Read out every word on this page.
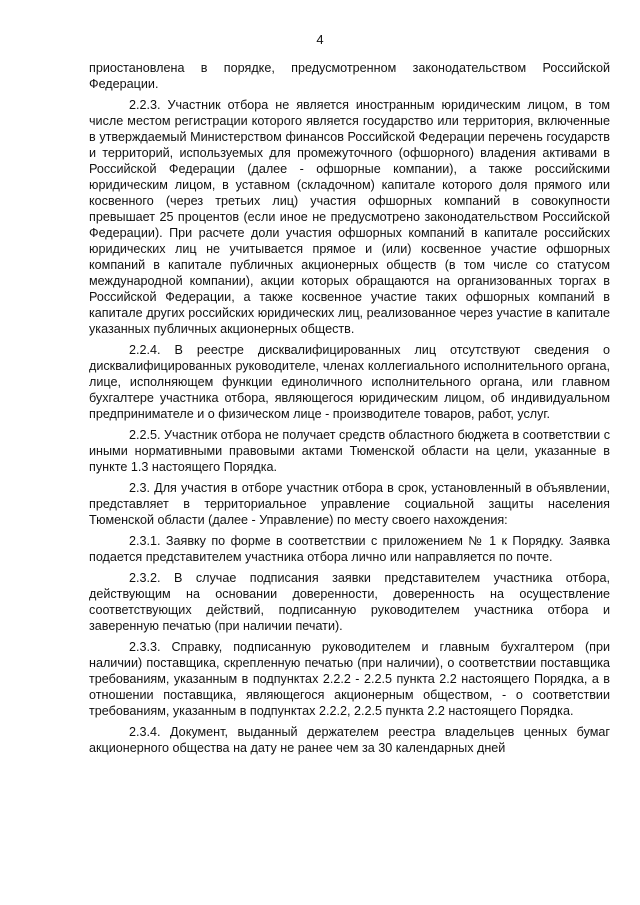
4

приостановлена в порядке, предусмотренном законодательством Российской Федерации.

2.2.3. Участник отбора не является иностранным юридическим лицом, в том числе местом регистрации которого является государство или территория, включенные в утверждаемый Министерством финансов Российской Федерации перечень государств и территорий, используемых для промежуточного (офшорного) владения активами в Российской Федерации (далее - офшорные компании), а также российскими юридическим лицом, в уставном (складочном) капитале которого доля прямого или косвенного (через третьих лиц) участия офшорных компаний в совокупности превышает 25 процентов (если иное не предусмотрено законодательством Российской Федерации). При расчете доли участия офшорных компаний в капитале российских юридических лиц не учитывается прямое и (или) косвенное участие офшорных компаний в капитале публичных акционерных обществ (в том числе со статусом международной компании), акции которых обращаются на организованных торгах в Российской Федерации, а также косвенное участие таких офшорных компаний в капитале других российских юридических лиц, реализованное через участие в капитале указанных публичных акционерных обществ.

2.2.4. В реестре дисквалифицированных лиц отсутствуют сведения о дисквалифицированных руководителе, членах коллегиального исполнительного органа, лице, исполняющем функции единоличного исполнительного органа, или главном бухгалтере участника отбора, являющегося юридическим лицом, об индивидуальном предпринимателе и о физическом лице - производителе товаров, работ, услуг.

2.2.5. Участник отбора не получает средств областного бюджета в соответствии с иными нормативными правовыми актами Тюменской области на цели, указанные в пункте 1.3 настоящего Порядка.

2.3. Для участия в отборе участник отбора в срок, установленный в объявлении, представляет в территориальное управление социальной защиты населения Тюменской области (далее - Управление) по месту своего нахождения:

2.3.1. Заявку по форме в соответствии с приложением № 1 к Порядку. Заявка подается представителем участника отбора лично или направляется по почте.

2.3.2. В случае подписания заявки представителем участника отбора, действующим на основании доверенности, доверенность на осуществление соответствующих действий, подписанную руководителем участника отбора и заверенную печатью (при наличии печати).

2.3.3. Справку, подписанную руководителем и главным бухгалтером (при наличии) поставщика, скрепленную печатью (при наличии), о соответствии поставщика требованиям, указанным в подпунктах 2.2.2 - 2.2.5 пункта 2.2 настоящего Порядка, а в отношении поставщика, являющегося акционерным обществом, - о соответствии требованиям, указанным в подпунктах 2.2.2, 2.2.5 пункта 2.2 настоящего Порядка.

2.3.4. Документ, выданный держателем реестра владельцев ценных бумаг акционерного общества на дату не ранее чем за 30 календарных дней
